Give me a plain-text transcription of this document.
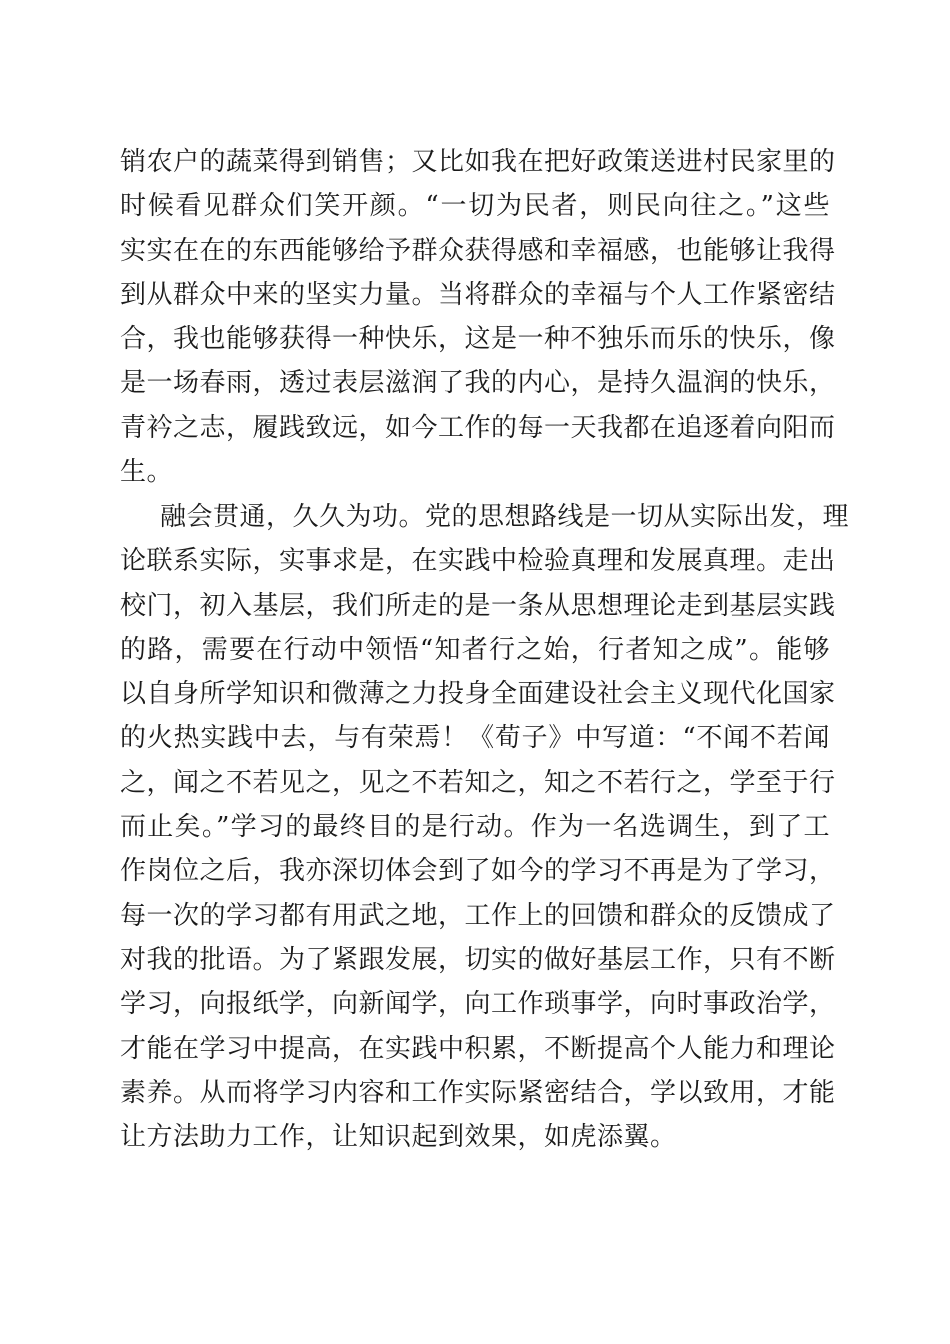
销农户的蔬菜得到销售；又比如我在把好政策送进村民家里的
时候看见群众们笑开颜。“一切为民者，则民向往之。”这些
实实在在的东西能够给予群众获得感和幸福感，也能够让我得
到从群众中来的坚实力量。当将群众的幸福与个人工作紧密结
合，我也能够获得一种快乐，这是一种不独乐而乐的快乐，像
是一场春雨，透过表层滋润了我的内心，是持久温润的快乐，
青衿之志，履践致远，如今工作的每一天我都在追逐着向阳而
生。
融会贯通，久久为功。党的思想路线是一切从实际出发，理
论联系实际，实事求是，在实践中检验真理和发展真理。走出
校门，初入基层，我们所走的是一条从思想理论走到基层实践
的路，需要在行动中领悟“知者行之始，行者知之成”。能够
以自身所学知识和微薄之力投身全面建设社会主义现代化国家
的火热实践中去，与有荣焉！《荀子》中写道：“不闻不若闻
之，闻之不若见之，见之不若知之，知之不若行之，学至于行
而止矣。”学习的最终目的是行动。作为一名选调生，到了工
作岗位之后，我亦深切体会到了如今的学习不再是为了学习，
每一次的学习都有用武之地，工作上的回馈和群众的反馈成了
对我的批语。为了紧跟发展，切实的做好基层工作，只有不断
学习，向报纸学，向新闻学，向工作琐事学，向时事政治学，
才能在学习中提高，在实践中积累，不断提高个人能力和理论
素养。从而将学习内容和工作实际紧密结合，学以致用，才能
让方法助力工作，让知识起到效果，如虎添翼。
